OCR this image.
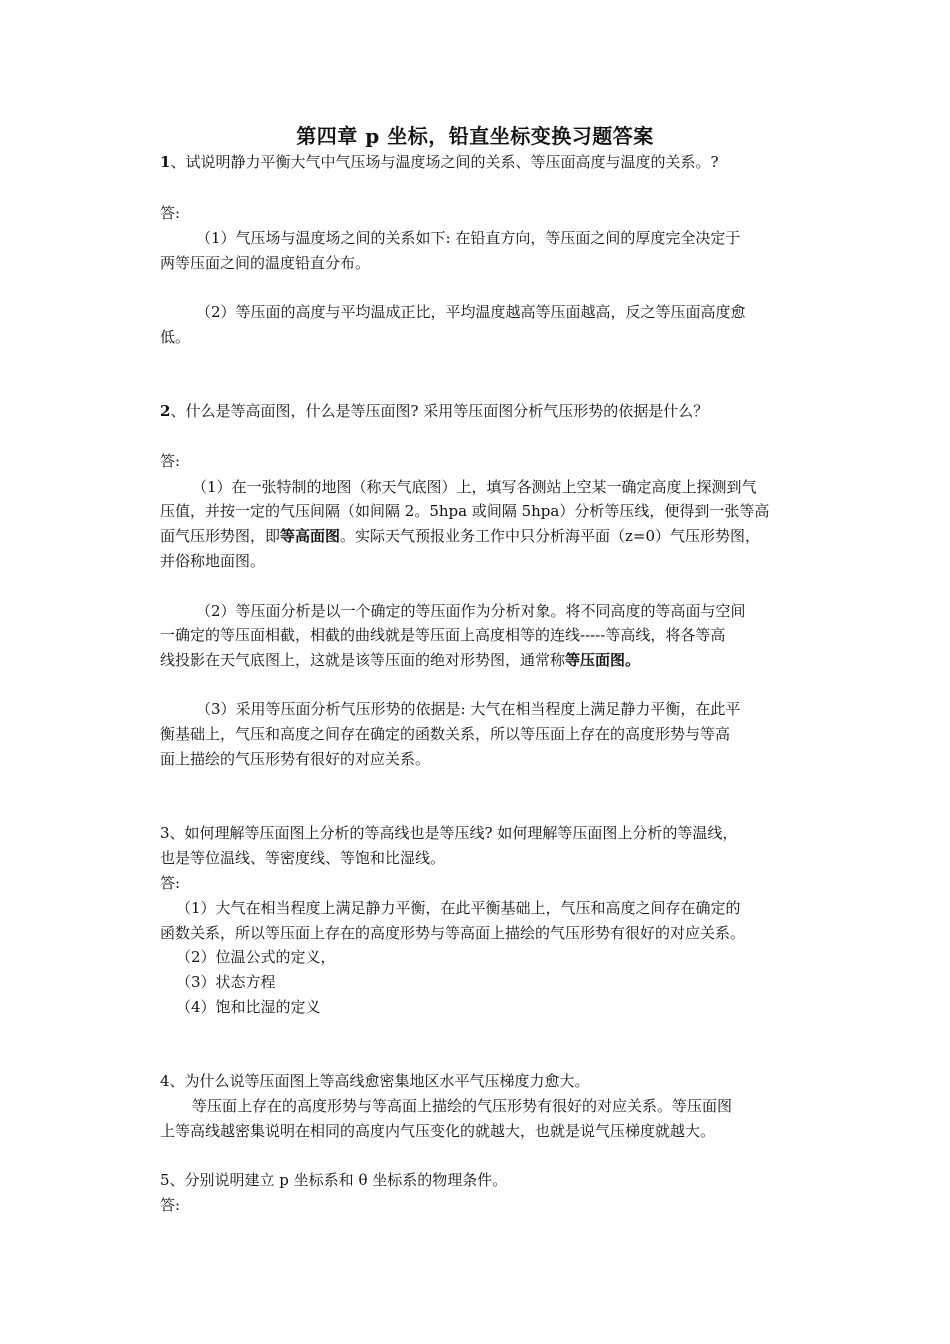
第四章 p 坐标，铅直坐标变换习题答案
1、试说明静力平衡大气中气压场与温度场之间的关系、等压面高度与温度的关系。?
答:
（1）气压场与温度场之间的关系如下: 在铅直方向，等压面之间的厚度完全决定于
两等压面之间的温度铅直分布。
（2）等压面的高度与平均温成正比，平均温度越高等压面越高，反之等压面高度愈
低。
2、什么是等高面图，什么是等压面图? 采用等压面图分析气压形势的依据是什么？
答:
（1）在一张特制的地图（称天气底图）上，填写各测站上空某一确定高度上探测到气
压值，并按一定的气压间隔（如间隔 2。5hpa 或间隔 5hpa）分析等压线，便得到一张等高
面气压形势图，即等高面图。实际天气预报业务工作中只分析海平面（z=0）气压形势图，
并俗称地面图。
（2）等压面分析是以一个确定的等压面作为分析对象。将不同高度的等高面与空间
一确定的等压面相截，相截的曲线就是等压面上高度相等的连线-----等高线，将各等高
线投影在天气底图上，这就是该等压面的绝对形势图，通常称等压面图。
（3）采用等压面分析气压形势的依据是: 大气在相当程度上满足静力平衡，在此平
衡基础上，气压和高度之间存在确定的函数关系，所以等压面上存在的高度形势与等高
面上描绘的气压形势有很好的对应关系。
3、如何理解等压面图上分析的等高线也是等压线? 如何理解等压面图上分析的等温线，
也是等位温线、等密度线、等饱和比湿线。
答:
（1）大气在相当程度上满足静力平衡，在此平衡基础上，气压和高度之间存在确定的
函数关系，所以等压面上存在的高度形势与等高面上描绘的气压形势有很好的对应关系。
（2）位温公式的定义，
（3）状态方程
（4）饱和比湿的定义
4、为什么说等压面图上等高线愈密集地区水平气压梯度力愈大。
等压面上存在的高度形势与等高面上描绘的气压形势有很好的对应关系。等压面图
上等高线越密集说明在相同的高度内气压变化的就越大，也就是说气压梯度就越大。
5、分别说明建立 p 坐标系和 θ 坐标系的物理条件。
答:
